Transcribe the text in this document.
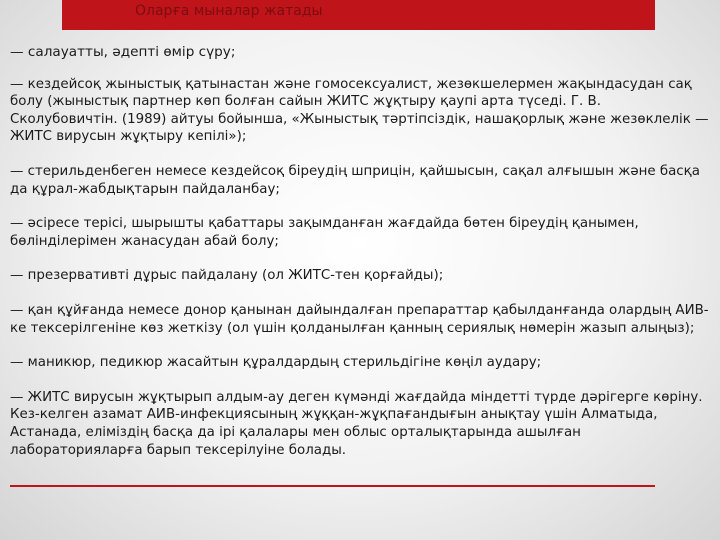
Оларға мыналар жатады

— салауатты, әдепті өмір сүру;

— кездейсоқ жыныстық қатынастан және гомосексуалист, жезөкшелермен жақындасудан сақ болу (жыныстық партнер көп болған сайын ЖИТС жұқтыру қаупі арта түседі. Г. В. Сколубовичтін. (1989) айтуы бойынша, «Жыныстық тәртіпсіздік, нашақорлық және жезөклелік — ЖИТС вирусын жұқтыру кепілі»);

— стерильденбеген немесе кездейсоқ біреудің шприцін, қайшысын, сақал алғышын және басқа да құрал-жабдықтарын пайдаланбау;

— әсіресе терісі, шырышты қабаттары зақымданған жағдайда бөтен біреудің қанымен, бөліндiлерімен жанасудан абай болу;

— презервативті дұрыс пайдалану (ол ЖИТС-тен қорғайды);

— қан құйғанда немесе донор қанынан дайындалған препараттар қабылданғанда олардың АИВ-ке тексерілгеніне көз жеткізу (ол үшін қолданылған қанның сериялық нөмерін жазып алыңыз);

— маникюр, педикюр жасайтын құралдардың стерильдігіне көңіл аудару;

— ЖИТС вирусын жұқтырып алдым-ау деген күмәнді жағдайда міндетті түрде дәрігерге көріну. Кез-келген азамат АИВ-инфекциясының жұққан-жұқпағандығын анықтау үшін Алматыда, Астанада, еліміздің басқа да ірі қалалары мен облыс орталықтарында ашылған лабораторияларға барып тексерілуіне болады.
